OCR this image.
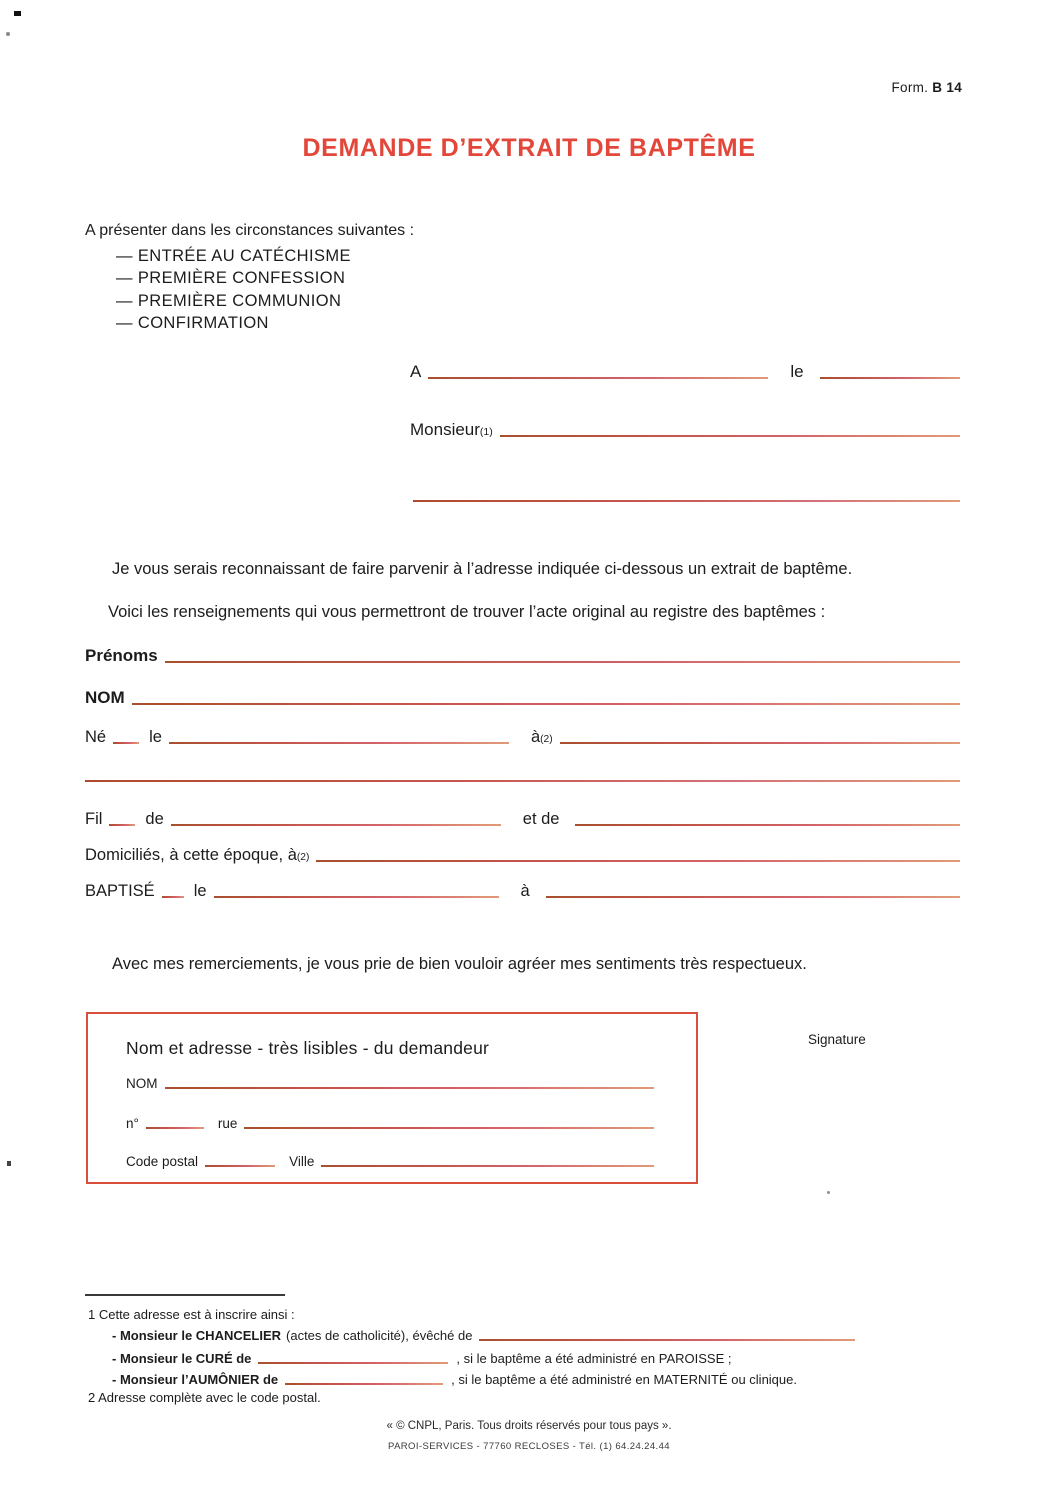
Form. B 14
DEMANDE D’EXTRAIT DE BAPTÊME
A présenter dans les circonstances suivantes :
— ENTRÉE AU CATÉCHISME
— PREMIÈRE CONFESSION
— PREMIÈRE COMMUNION
— CONFIRMATION
A	le
Monsieur (1)
Je vous serais reconnaissant de faire parvenir à l’adresse indiquée ci-dessous un extrait de baptême.
Voici les renseignements qui vous permettront de trouver l’acte original au registre des baptêmes :
Prénoms
NOM
Né	le	à (2)
Fil	de	et de
Domiciliés, à cette époque, à (2)
BAPTISÉ le	à
Avec mes remerciements, je vous prie de bien vouloir agréer mes sentiments très respectueux.
Nom et adresse - très lisibles - du demandeur
NOM
n°	rue
Code postal	Ville
Signature
1 Cette adresse est à inscrire ainsi :
- Monsieur le CHANCELIER (actes de catholicité), évêché de
- Monsieur le CURÉ de	, si le baptême a été administré en PAROISSE ;
- Monsieur l’AUMÔNIER de	, si le baptême a été administré en MATERNITÉ ou clinique.
2 Adresse complète avec le code postal.
« © CNPL, Paris. Tous droits réservés pour tous pays ».
PAROI-SERVICES - 77760 RECLOSES - Tél. (1) 64.24.24.44
